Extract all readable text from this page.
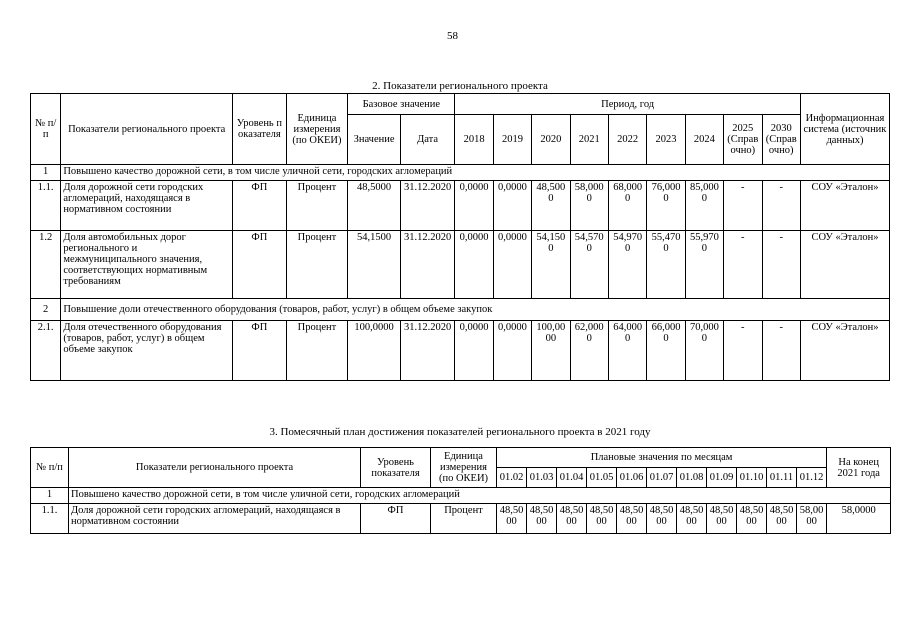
58
2. Показатели регионального проекта
№ п/п	Показатели регионального проекта	Уровень показателя	Единица измерения (по ОКЕИ)	Базовое значение		Период, год									Информационная система (источник данных)
				Значение	Дата	2018	2019	2020	2021	2022	2023	2024	2025 (Справочно)	2030 (Справочно)	
1	Повышено качество дорожной сети, в том числе уличной сети, городских агломераций														
1.1.	Доля дорожной сети городских агломераций, находящаяся в нормативном состоянии	ФП	Процент	48,5000	31.12.2020	0,0000	0,0000	48,5000	58,0000	68,0000	76,0000	85,0000	-	-	СОУ «Эталон»
1.2	Доля автомобильных дорог регионального и межмуниципального значения, соответствующих нормативным требованиям	ФП	Процент	54,1500	31.12.2020	0,0000	0,0000	54,1500	54,5700	54,9700	55,4700	55,9700	-	-	СОУ «Эталон»
2	Повышение доли отечественного оборудования (товаров, работ, услуг) в общем объеме закупок														
2.1.	Доля отечественного оборудования (товаров, работ, услуг) в общем объеме закупок	ФП	Процент	100,0000	31.12.2020	0,0000	0,0000	100,0000	62,0000	64,0000	66,0000	70,0000	-	-	СОУ «Эталон»
3. Помесячный план достижения показателей регионального проекта в 2021 году
№ п/п	Показатели регионального проекта	Уровень показателя	Единица измерения (по ОКЕИ)	Плановые значения по месяцам											На конец 2021 года
				01.02	01.03	01.04	01.05	01.06	01.07	01.08	01.09	01.10	01.11	01.12	
1	Повышено качество дорожной сети, в том числе уличной сети, городских агломераций														
1.1.	Доля дорожной сети городских агломераций, находящаяся в нормативном состоянии	ФП	Процент	48,5000	48,5000	48,5000	48,5000	48,5000	48,5000	48,5000	48,5000	48,5000	48,5000	58,0000	58,0000
